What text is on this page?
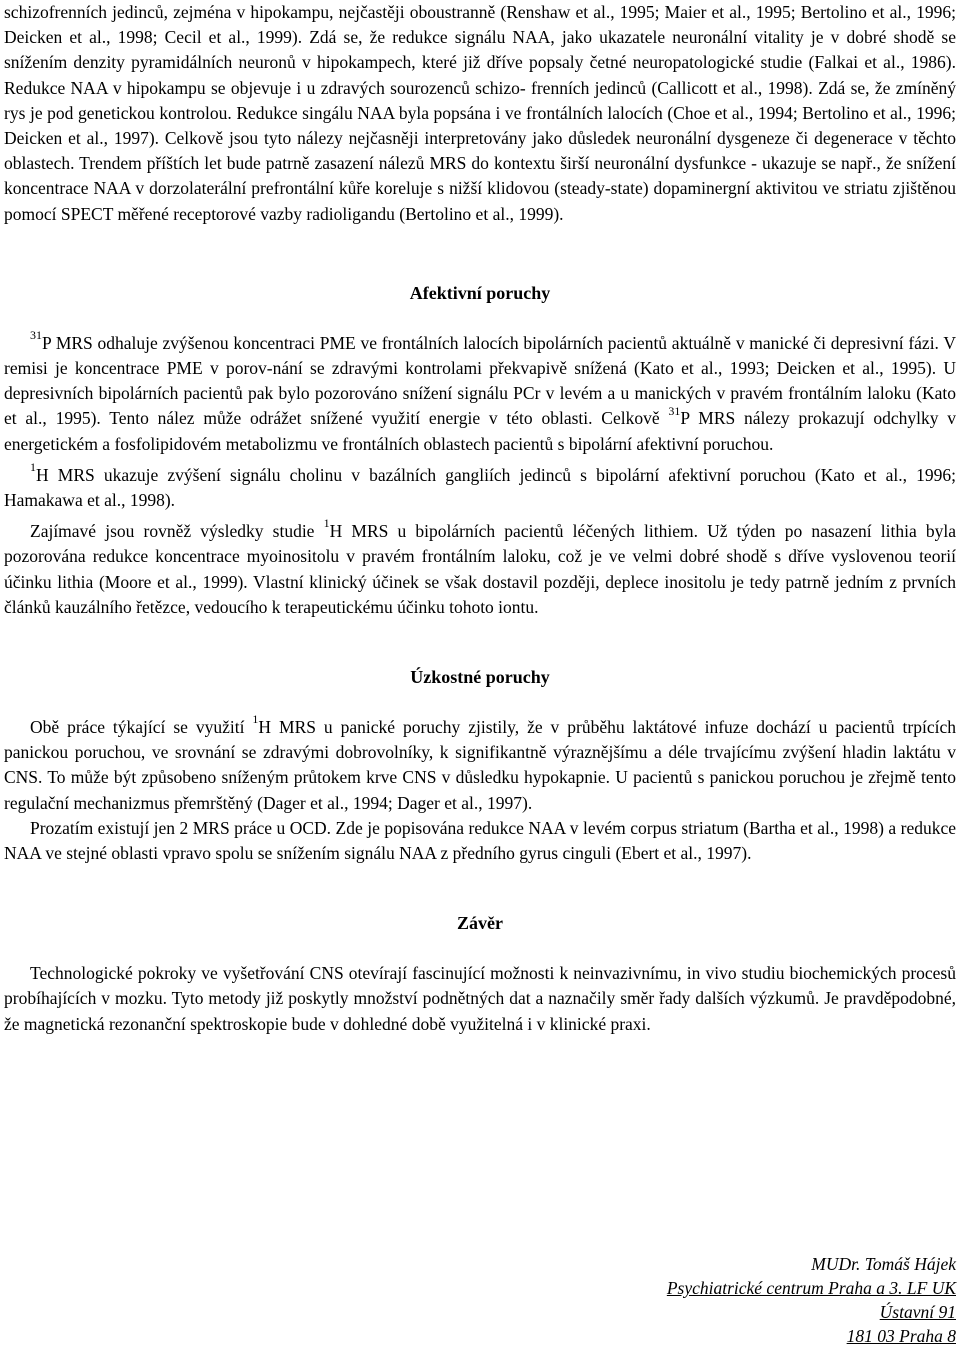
schizofrenních jedinců, zejména v hipokampu, nejčastěji oboustranně (Renshaw et al., 1995; Maier et al., 1995; Bertolino et al., 1996; Deicken et al., 1998; Cecil et al., 1999). Zdá se, že redukce signálu NAA, jako ukazatele neuronální vitality je v dobré shodě se snížením denzity pyramidálních neuronů v hipokampech, které již dříve popsaly četné neuropatologické studie (Falkai et al., 1986). Redukce NAA v hipokampu se objevuje i u zdravých sourozenců schizo- frenních jedinců (Callicott et al., 1998). Zdá se, že zmíněný rys je pod genetickou kontrolou. Redukce singálu NAA byla popsána i ve frontálních lalocích (Choe et al., 1994; Bertolino et al., 1996; Deicken et al., 1997). Celkově jsou tyto nálezy nejčasněji interpretovány jako důsledek neuronální dysgeneze či degenerace v těchto oblastech. Trendem příštích let bude patrně zasazení nálezů MRS do kontextu širší neuronální dysfunkce - ukazuje se např., že snížení koncentrace NAA v dorzolaterální prefrontální kůře koreluje s nižší klidovou (steady-state) dopaminergní aktivitou ve striatu zjištěnou pomocí SPECT měřené receptorové vazby radioligandu (Bertolino et al., 1999).

Afektivní poruchy

$^{31}$P MRS odhaluje zvýšenou koncentraci PME ve frontálních lalocích bipolárních pacientů aktuálně v manické či depresivní fázi. V remisi je koncentrace PME v porov-nání se zdravými kontrolami překvapivě snížená (Kato et al., 1993; Deicken et al., 1995). U depresivních bipolárních pacientů pak bylo pozorováno snížení signálu PCr v levém a u manických v pravém frontálním laloku (Kato et al., 1995). Tento nález může odrážet snížené využití energie v této oblasti. Celkově $^{31}$P MRS nálezy prokazují odchylky v energetickém a fosfolipidovém metabolizmu ve frontálních oblastech pacientů s bipolární afektivní poruchou.

$^1$H MRS ukazuje zvýšení signálu cholinu v bazálních gangliích jedinců s bipolární afektivní poruchou (Kato et al., 1996; Hamakawa et al., 1998).

Zajímavé jsou rovněž výsledky studie $^1$H MRS u bipolárních pacientů léčených lithiem. Už týden po nasazení lithia byla pozorována redukce koncentrace myoinositolu v pravém frontálním laloku, což je ve velmi dobré shodě s dříve vyslovenou teorií účinku lithia (Moore et al., 1999). Vlastní klinický účinek se však dostavil později, deplece inositolu je tedy patrně jedním z prvních článků kauzálního řetězce, vedoucího k terapeutickému účinku tohoto iontu.

Úzkostné poruchy

Obě práce týkající se využití $^1$H MRS u panické poruchy zjistily, že v průběhu laktátové infuze dochází u pacientů trpících panickou poruchou, ve srovnání se zdravými dobrovolníky, k signifikantně výraznějšímu a déle trvajícímu zvýšení hladin laktátu v CNS. To může být způsobeno sníženým průtokem krve CNS v důsledku hypokapnie. U pacientů s panickou poruchou je zřejmě tento regulační mechanizmus přemrštěný (Dager et al., 1994; Dager et al., 1997).

Prozatím existují jen 2 MRS práce u OCD. Zde je popisována redukce NAA v levém corpus striatum (Bartha et al., 1998) a redukce NAA ve stejné oblasti vpravo spolu se snížením signálu NAA z předního gyrus cinguli (Ebert et al., 1997).

Závěr

Technologické pokroky ve vyšetřování CNS otevírají fascinující možnosti k neinvazivnímu, in vivo studiu biochemických procesů probíhajících v mozku. Tyto metody již poskytly množství podnětných dat a naznačily směr řady dalších výzkumů. Je pravděpodobné, že magnetická rezonanční spektroskopie bude v dohledné době využitelná i v klinické praxi.

MUDr. Tomáš Hájek
Psychiatrické centrum Praha a 3. LF UK
Ústavní 91
181 03 Praha 8
